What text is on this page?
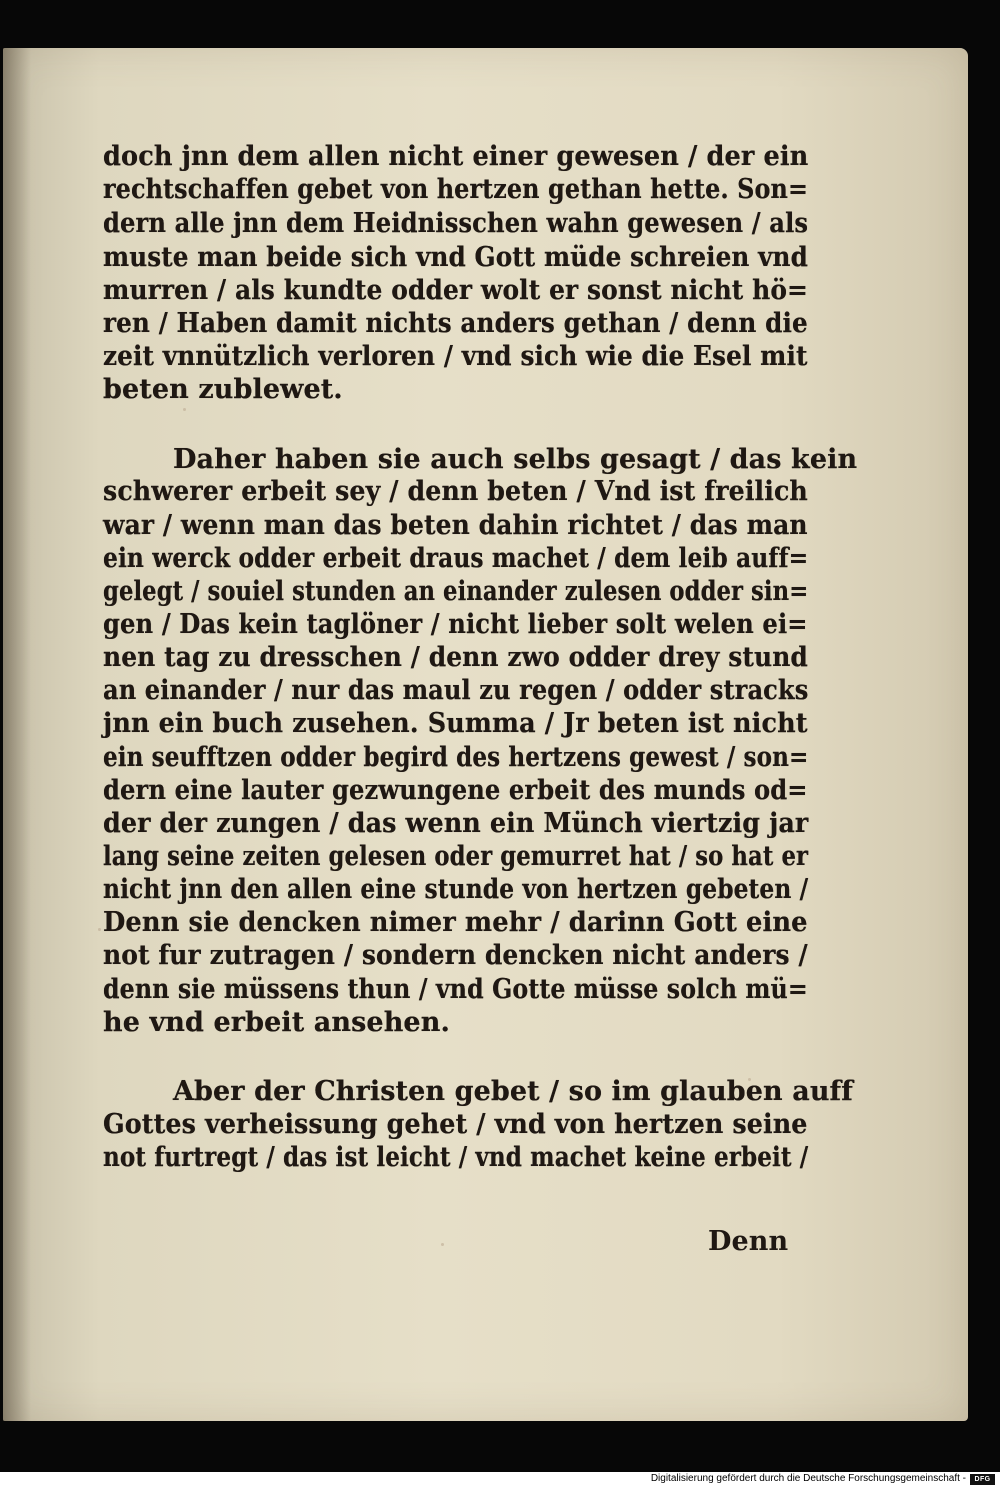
doch jnn dem allen nicht einer gewesen / der ein
rechtschaffen gebet von hertzen gethan hette. Son=
dern alle jnn dem Heidnisschen wahn gewesen / als
muste man beide sich vnd Gott müde schreien vnd
murren / als kundte odder wolt er sonst nicht hö=
ren / Haben damit nichts anders gethan / denn die
zeit vnnützlich verloren / vnd sich wie die Esel mit
beten zublewet.
Daher haben sie auch selbs gesagt / das kein
schwerer erbeit sey / denn beten / Vnd ist freilich
war / wenn man das beten dahin richtet / das man
ein werck odder erbeit draus machet / dem leib auff=
gelegt / souiel stunden an einander zulesen odder sin=
gen / Das kein taglöner / nicht lieber solt welen ei=
nen tag zu dresschen / denn zwo odder drey stund
an einander / nur das maul zu regen / odder stracks
jnn ein buch zusehen. Summa / Jr beten ist nicht
ein seufftzen odder begird des hertzens gewest / son=
dern eine lauter gezwungene erbeit des munds od=
der der zungen / das wenn ein Münch viertzig jar
lang seine zeiten gelesen oder gemurret hat / so hat er
nicht jnn den allen eine stunde von hertzen gebeten /
Denn sie dencken nimer mehr / darinn Gott eine
not fur zutragen / sondern dencken nicht anders /
denn sie müssens thun / vnd Gotte müsse solch mü=
he vnd erbeit ansehen.
Aber der Christen gebet / so im glauben auff
Gottes verheissung gehet / vnd von hertzen seine
not furtregt / das ist leicht / vnd machet keine erbeit /
Denn
Digitalisierung gefördert durch die Deutsche Forschungsgemeinschaft -	DFG
